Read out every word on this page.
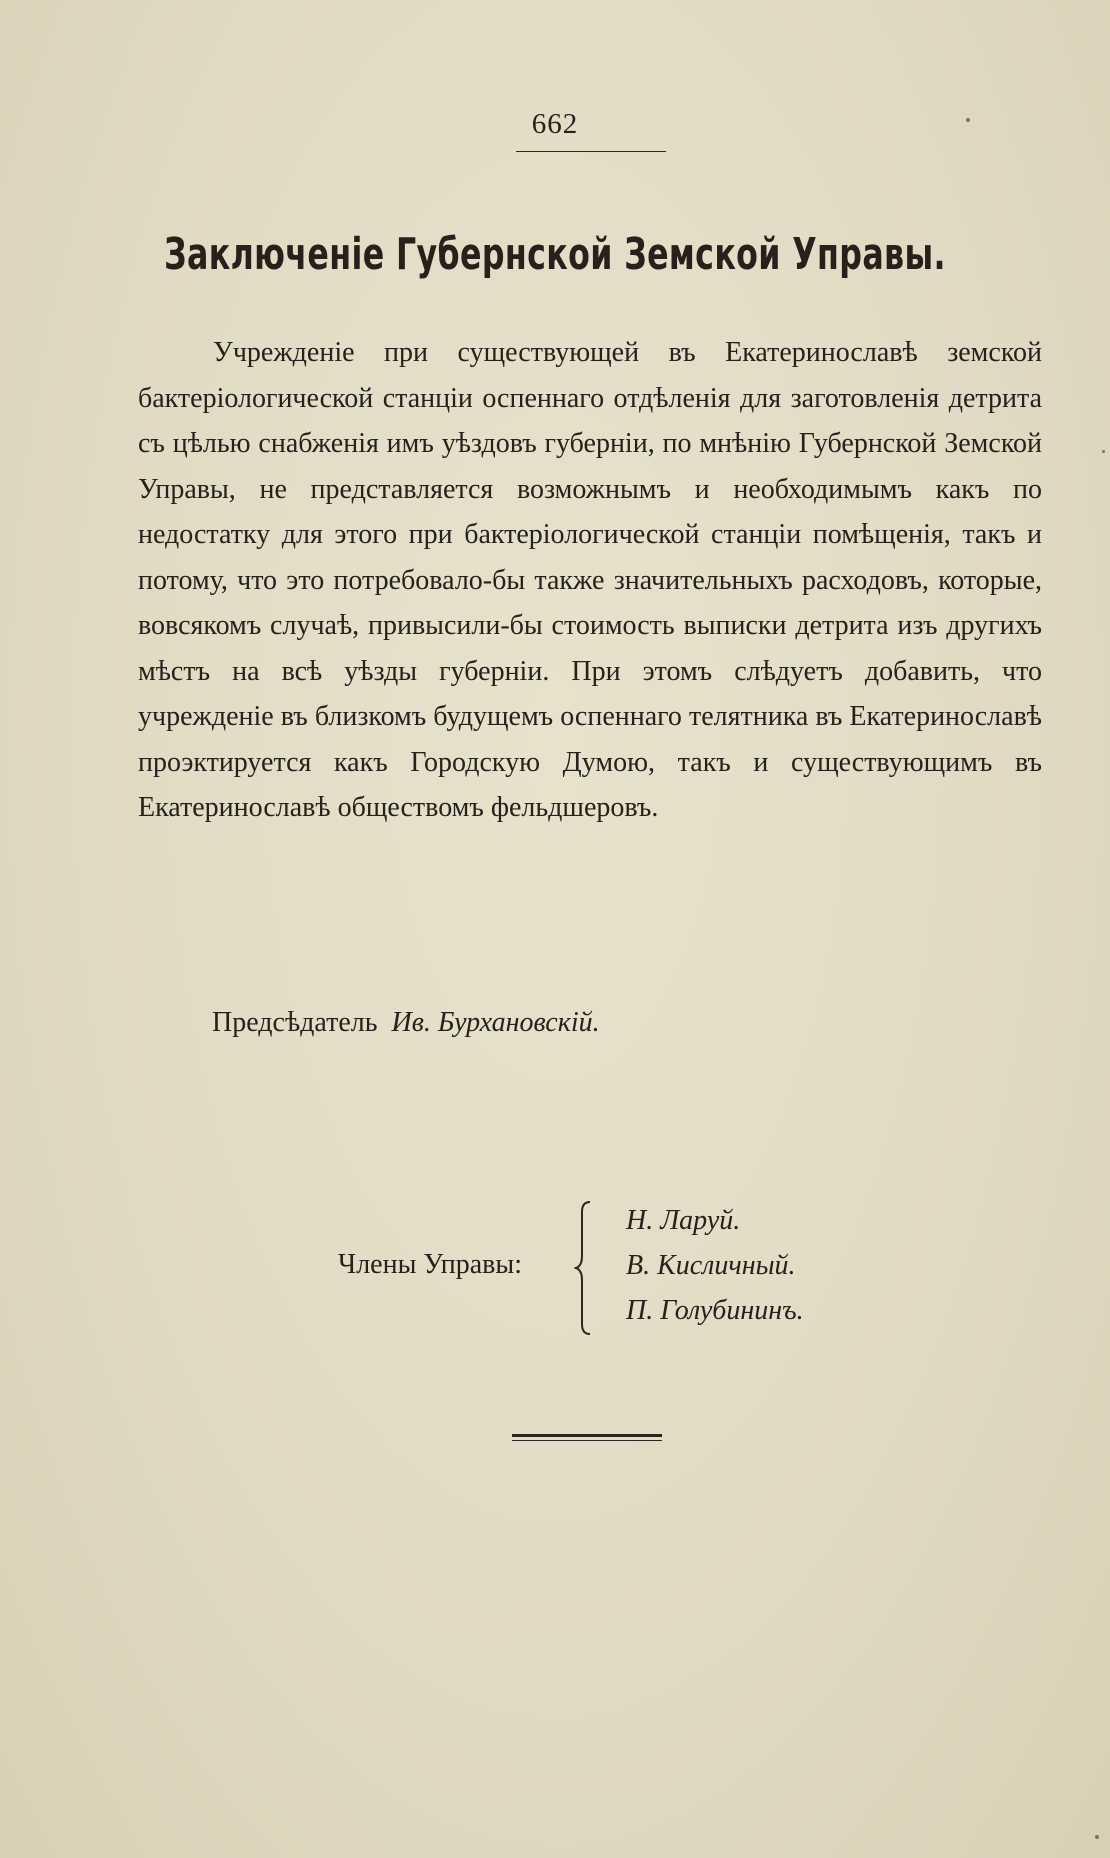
662
Заключеніе Губернской Земской Управы.

Учрежденіе при существующей въ Екатеринославѣ земской бактеріологической станціи оспеннаго отдѣленія для заготовленія детрита съ цѣлью снабженія имъ уѣздовъ губерніи, по мнѣнію Губернской Земской Управы, не представляется возможнымъ и необходимымъ какъ по недостатку для этого при бактеріологической станціи помѣщенія, такъ и потому, что это потребовало-бы также значительныхъ расходовъ, которые, вовсякомъ случаѣ, привысили-бы стоимость выписки детрита изъ другихъ мѣстъ на всѣ уѣзды губерніи. При этомъ слѣдуетъ добавить, что учрежденіе въ близкомъ будущемъ оспеннаго телятника въ Екатеринославѣ проэктируется какъ Городскую Думою, такъ и существующимъ въ Екатеринославѣ обществомъ фельдшеровъ.

Предсѣдатель Ив. Бурхановскій.
Члены Управы:
Н. Ларуй.
В. Кисличный.
П. Голубининъ.
